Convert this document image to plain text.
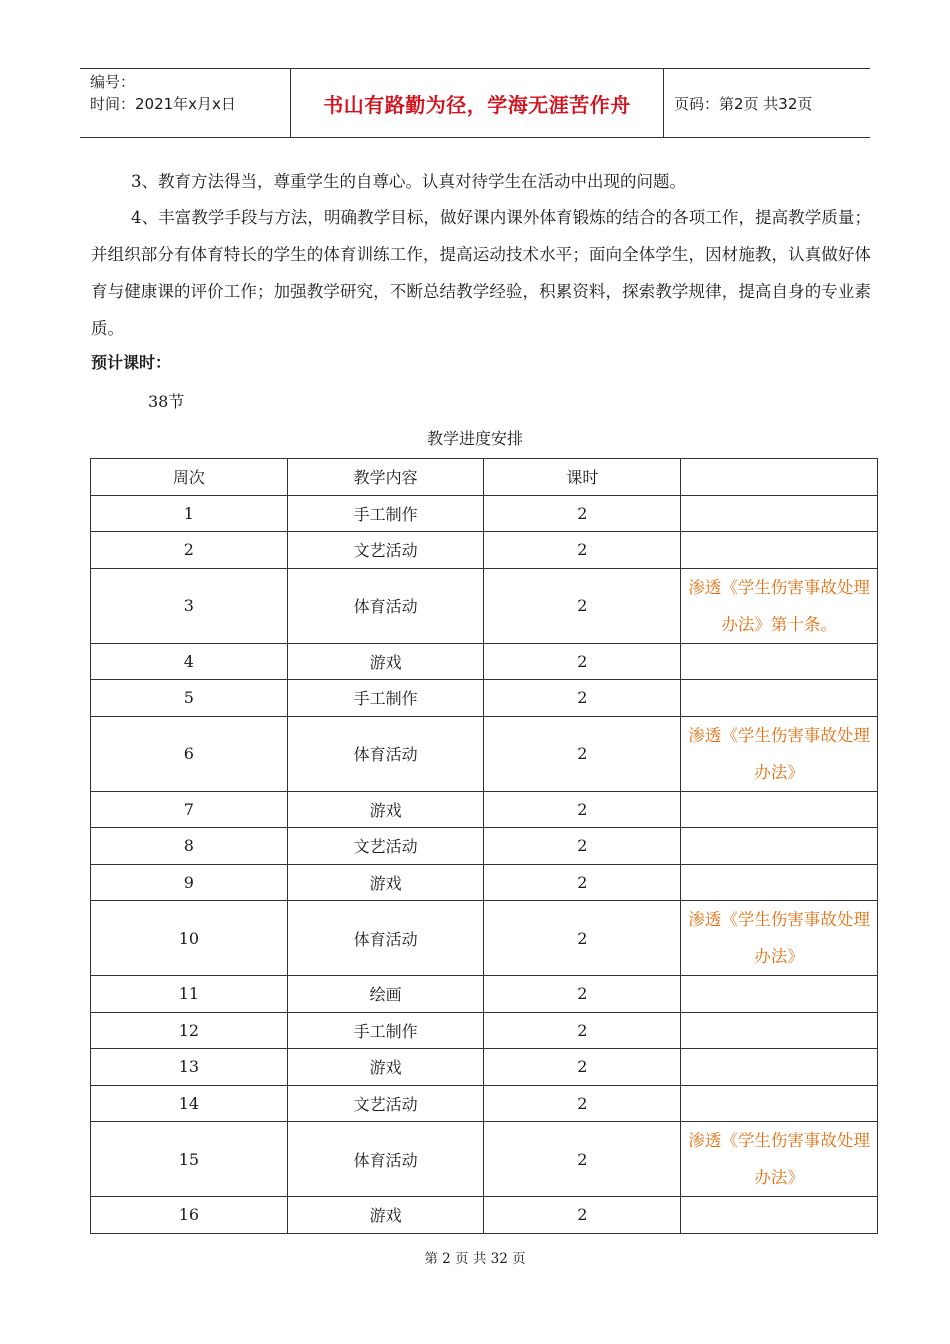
编号：
时间：2021年x月x日	书山有路勤为径，学海无涯苦作舟	页码：第2页 共32页

3、教育方法得当，尊重学生的自尊心。认真对待学生在活动中出现的问题。

4、丰富教学手段与方法，明确教学目标，做好课内课外体育锻炼的结合的各项工作，提高教学质量；并组织部分有体育特长的学生的体育训练工作，提高运动技术水平；面向全体学生，因材施教，认真做好体育与健康课的评价工作；加强教学研究，不断总结教学经验，积累资料，探索教学规律，提高自身的专业素质。

预计课时：
38节
教学进度安排
周次	教学内容	课时	
1	手工制作	2	
2	文艺活动	2	
3	体育活动	2	渗透《学生伤害事故处理办法》第十条。
4	游戏	2	
5	手工制作	2	
6	体育活动	2	渗透《学生伤害事故处理办法》
7	游戏	2	
8	文艺活动	2	
9	游戏	2	
10	体育活动	2	渗透《学生伤害事故处理办法》
11	绘画	2	
12	手工制作	2	
13	游戏	2	
14	文艺活动	2	
15	体育活动	2	渗透《学生伤害事故处理办法》
16	游戏	2	
第 2 页 共 32 页
